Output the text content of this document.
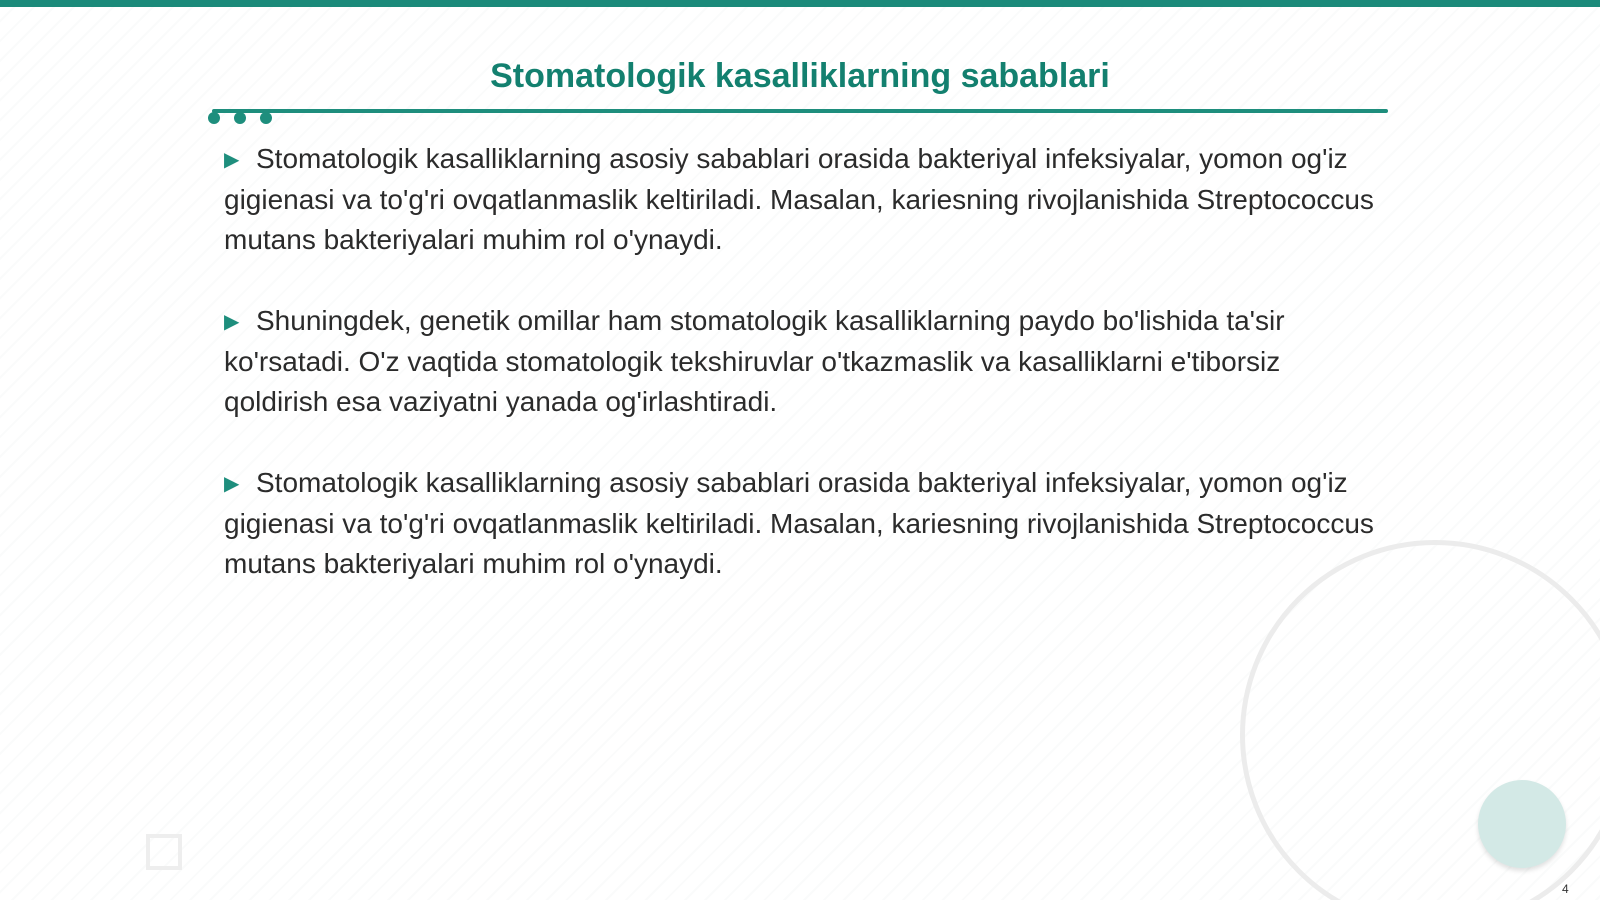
Stomatologik kasalliklarning sabablari

▶ Stomatologik kasalliklarning asosiy sabablari orasida bakteriyal infeksiyalar, yomon og'iz gigienasi va to'g'ri ovqatlanmaslik keltiriladi. Masalan, kariesning rivojlanishida Streptococcus mutans bakteriyalari muhim rol o'ynaydi.

▶ Shuningdek, genetik omillar ham stomatologik kasalliklarning paydo bo'lishida ta'sir ko'rsatadi. O'z vaqtida stomatologik tekshiruvlar o'tkazmaslik va kasalliklarni e'tiborsiz qoldirish esa vaziyatni yanada og'irlashtiradi.

▶ Stomatologik kasalliklarning asosiy sabablari orasida bakteriyal infeksiyalar, yomon og'iz gigienasi va to'g'ri ovqatlanmaslik keltiriladi. Masalan, kariesning rivojlanishida Streptococcus mutans bakteriyalari muhim rol o'ynaydi.

4
